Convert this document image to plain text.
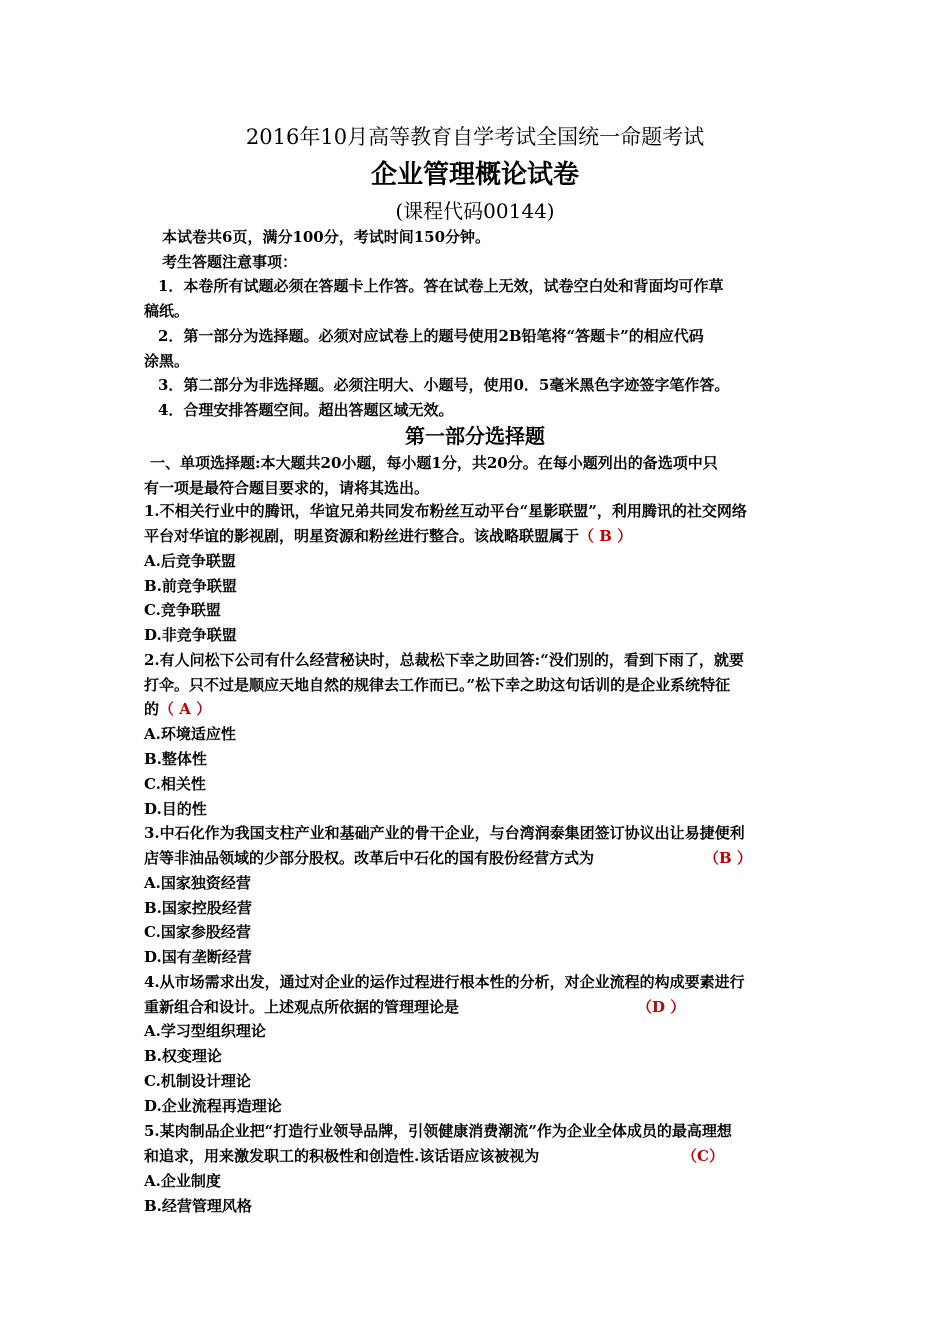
2016年10月高等教育自学考试全国统一命题考试
企业管理概论试卷
(课程代码00144)
本试卷共6页，满分100分，考试时间150分钟。
考生答题注意事项：
1．本卷所有试题必须在答题卡上作答。答在试卷上无效，试卷空白处和背面均可作草
稿纸。
2．第一部分为选择题。必须对应试卷上的题号使用2B铅笔将“答题卡”的相应代码
涂黑。
3．第二部分为非选择题。必须注明大、小题号，使用0．5毫米黑色字迹签字笔作答。
4．合理安排答题空间。超出答题区域无效。
第一部分选择题
一、单项选择题:本大题共20小题，每小题1分，共20分。在每小题列出的备选项中只
有一项是最符合题目要求的，请将其选出。
1.不相关行业中的腾讯，华谊兄弟共同发布粉丝互动平台“星影联盟”，利用腾讯的社交网络
平台对华谊的影视剧，明星资源和粉丝进行整合。该战略联盟属于（ B ）
A.后竞争联盟
B.前竞争联盟
C.竞争联盟
D.非竞争联盟
2.有人问松下公司有什么经营秘诀时，总裁松下幸之助回答:“没们别的，看到下雨了，就要
打伞。只不过是顺应天地自然的规律去工作而已。”松下幸之助这句话训的是企业系统特征
的（ A ）
A.环境适应性
B.整体性
C.相关性
D.目的性
3.中石化作为我国支柱产业和基础产业的骨干企业，与台湾润泰集团签订协议出让易捷便利
店等非油品领域的少部分股权。改革后中石化的国有股份经营方式为	（B ）
A.国家独资经营
B.国家控股经营
C.国家参股经营
D.国有垄断经营
4.从市场需求出发，通过对企业的运作过程进行根本性的分析，对企业流程的构成要素进行
重新组合和设计。上述观点所依据的管理理论是	（D ）
A.学习型组织理论
B.权变理论
C.机制设计理论
D.企业流程再造理论
5.某肉制品企业把“打造行业领导品牌，引领健康消费潮流”作为企业全体成员的最高理想
和追求，用来激发职工的积极性和创造性.该话语应该被视为	（C）
A.企业制度
B.经营管理风格
